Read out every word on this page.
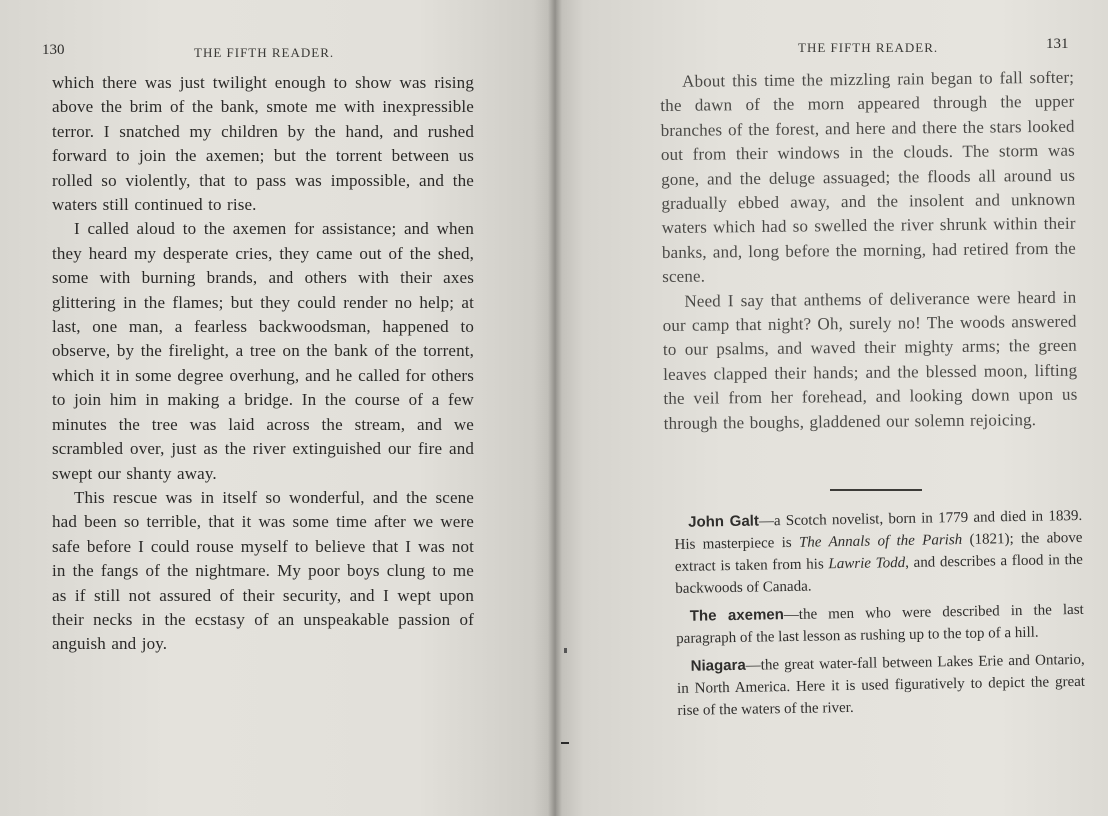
130	THE FIFTH READER.

which there was just twilight enough to show was rising above the brim of the bank, smote me with inexpressible terror. I snatched my children by the hand, and rushed forward to join the axemen; but the torrent between us rolled so violently, that to pass was impossible, and the waters still continued to rise.

I called aloud to the axemen for assistance; and when they heard my desperate cries, they came out of the shed, some with burning brands, and others with their axes glittering in the flames; but they could render no help; at last, one man, a fearless backwoodsman, happened to observe, by the firelight, a tree on the bank of the torrent, which it in some degree overhung, and he called for others to join him in making a bridge. In the course of a few minutes the tree was laid across the stream, and we scrambled over, just as the river extinguished our fire and swept our shanty away.

This rescue was in itself so wonderful, and the scene had been so terrible, that it was some time after we were safe before I could rouse myself to believe that I was not in the fangs of the nightmare. My poor boys clung to me as if still not assured of their security, and I wept upon their necks in the ecstasy of an unspeakable passion of anguish and joy.

THE FIFTH READER.	131

About this time the mizzling rain began to fall softer; the dawn of the morn appeared through the upper branches of the forest, and here and there the stars looked out from their windows in the clouds. The storm was gone, and the deluge assuaged; the floods all around us gradually ebbed away, and the insolent and unknown waters which had so swelled the river shrunk within their banks, and, long before the morning, had retired from the scene.

Need I say that anthems of deliverance were heard in our camp that night? Oh, surely no! The woods answered to our psalms, and waved their mighty arms; the green leaves clapped their hands; and the blessed moon, lifting the veil from her forehead, and looking down upon us through the boughs, gladdened our solemn rejoicing.

John Galt—a Scotch novelist, born in 1779 and died in 1839. His masterpiece is The Annals of the Parish (1821); the above extract is taken from his Lawrie Todd, and describes a flood in the backwoods of Canada.

The axemen—the men who were described in the last paragraph of the last lesson as rushing up to the top of a hill.

Niagara—the great water-fall between Lakes Erie and Ontario, in North America. Here it is used figuratively to depict the great rise of the waters of the river.
